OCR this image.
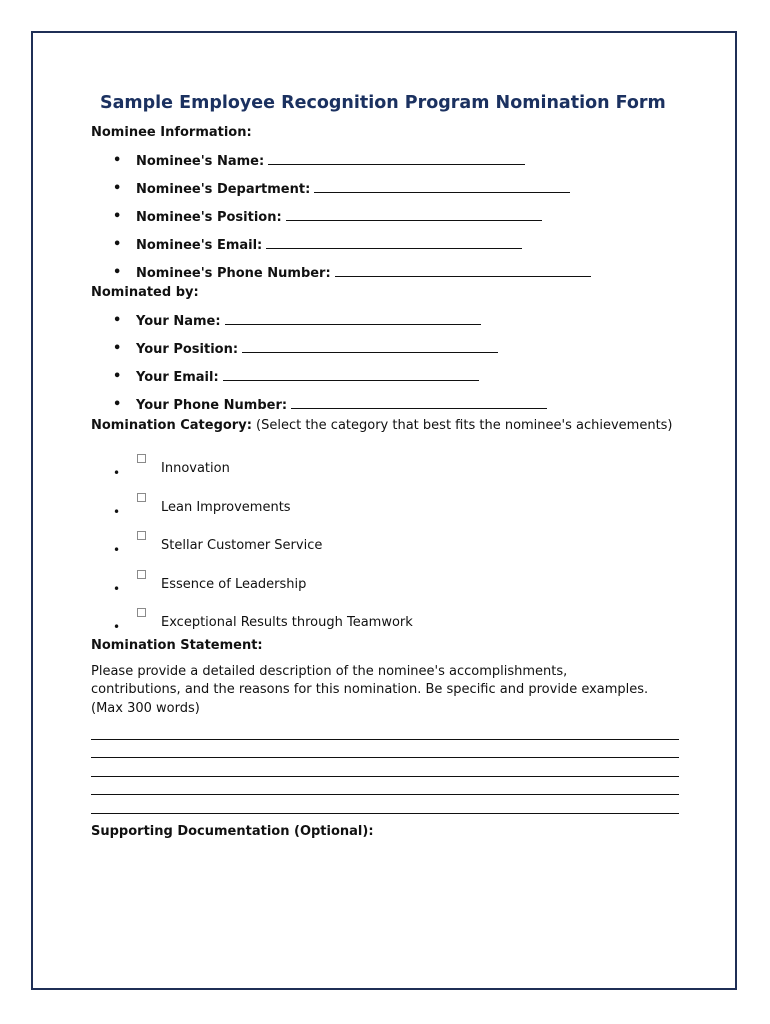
Sample Employee Recognition Program Nomination Form

Nominee Information:

• Nominee's Name:
• Nominee's Department:
• Nominee's Position:
• Nominee's Email:
• Nominee's Phone Number:

Nominated by:

• Your Name:
• Your Position:
• Your Email:
• Your Phone Number:

Nomination Category: (Select the category that best fits the nominee's achievements)

•	Innovation
•	Lean Improvements
•	Stellar Customer Service
•	Essence of Leadership
•	Exceptional Results through Teamwork

Nomination Statement:

Please provide a detailed description of the nominee's accomplishments, contributions, and the reasons for this nomination. Be specific and provide examples. (Max 300 words)

Supporting Documentation (Optional):
